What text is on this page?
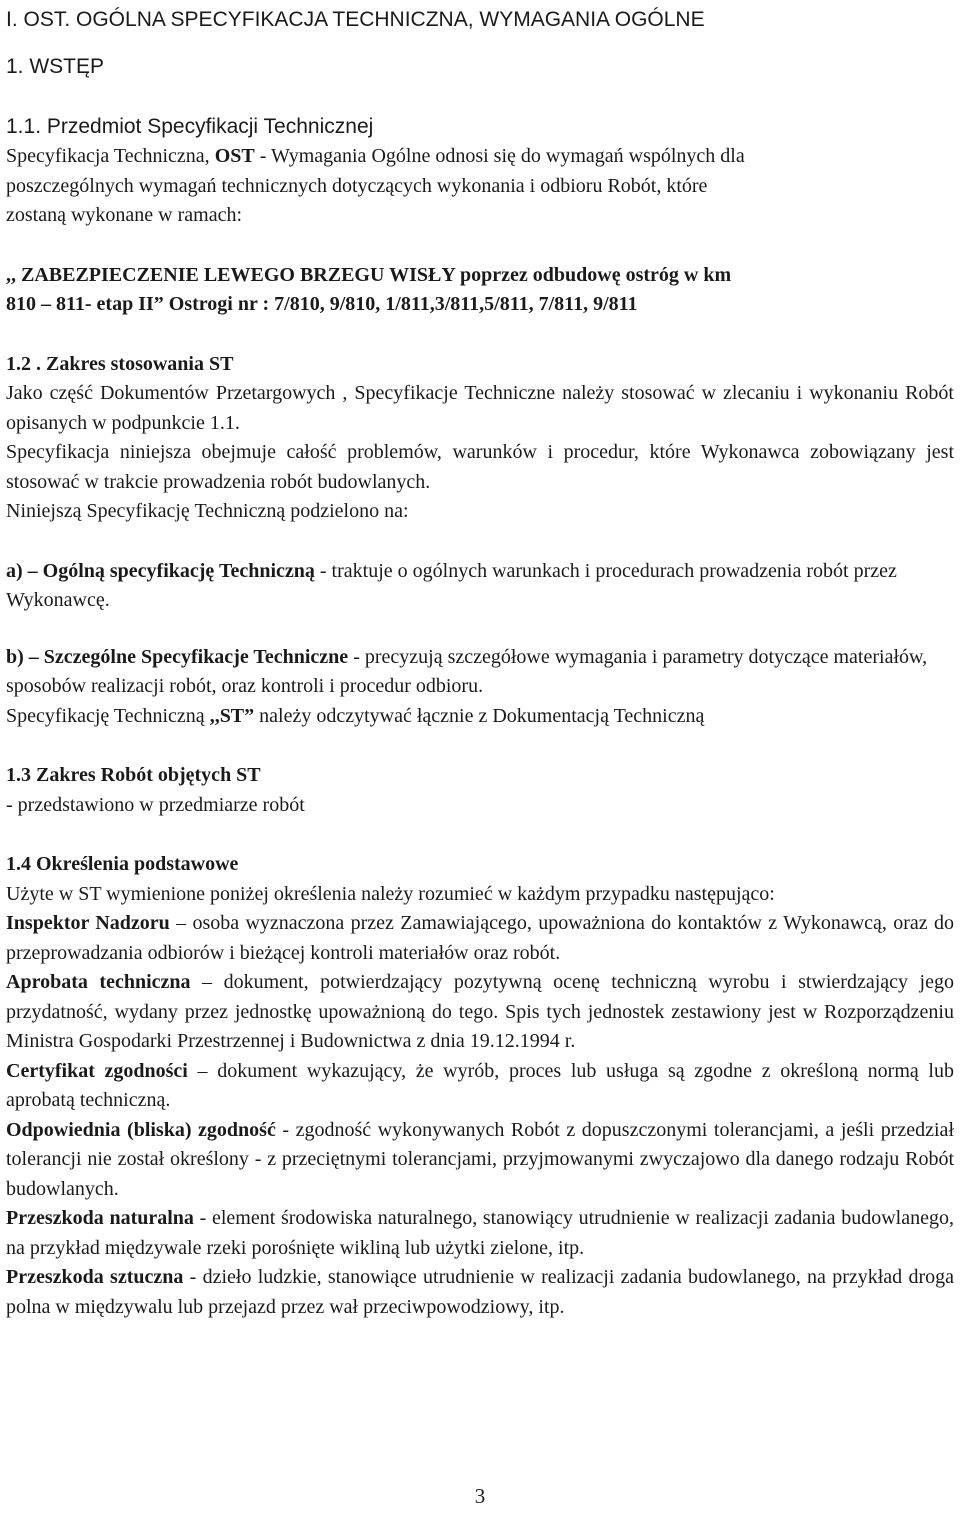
I. OST. OGÓLNA SPECYFIKACJA TECHNICZNA, WYMAGANIA OGÓLNE

1. WSTĘP

1.1. Przedmiot Specyfikacji Technicznej

Specyfikacja Techniczna, OST - Wymagania Ogólne odnosi się do wymagań wspólnych dla

poszczególnych wymagań technicznych dotyczących wykonania i odbioru Robót, które

zostaną wykonane w ramach:

,, ZABEZPIECZENIE LEWEGO BRZEGU WISŁY poprzez odbudowę ostróg w km

810 – 811- etap II” Ostrogi nr : 7/810, 9/810, 1/811,3/811,5/811, 7/811, 9/811

1.2 . Zakres stosowania ST

Jako część Dokumentów Przetargowych , Specyfikacje Techniczne należy stosować w zlecaniu i wykonaniu Robót opisanych w podpunkcie 1.1.

Specyfikacja niniejsza obejmuje całość problemów, warunków i procedur, które Wykonawca zobowiązany jest stosować w trakcie prowadzenia robót budowlanych.

Niniejszą Specyfikację Techniczną podzielono na:

a) – Ogólną specyfikację Techniczną - traktuje o ogólnych warunkach i procedurach prowadzenia robót przez Wykonawcę.

b) – Szczególne Specyfikacje Techniczne - precyzują szczegółowe wymagania i parametry dotyczące materiałów, sposobów realizacji robót, oraz kontroli i procedur odbioru.

Specyfikację Techniczną ,,ST” należy odczytywać łącznie z Dokumentacją Techniczną

1.3 Zakres Robót objętych ST

- przedstawiono w przedmiarze robót

1.4 Określenia podstawowe

Użyte w ST wymienione poniżej określenia należy rozumieć w każdym przypadku następująco:

Inspektor Nadzoru – osoba wyznaczona przez Zamawiającego, upoważniona do kontaktów z Wykonawcą, oraz do przeprowadzania odbiorów i bieżącej kontroli materiałów oraz robót.

Aprobata techniczna – dokument, potwierdzający pozytywną ocenę techniczną wyrobu i stwierdzający jego przydatność, wydany przez jednostkę upoważnioną do tego. Spis tych jednostek zestawiony jest w Rozporządzeniu Ministra Gospodarki Przestrzennej i Budownictwa z dnia 19.12.1994 r.

Certyfikat zgodności – dokument wykazujący, że wyrób, proces lub usługa są zgodne z określoną normą lub aprobatą techniczną.

Odpowiednia (bliska) zgodność - zgodność wykonywanych Robót z dopuszczonymi tolerancjami, a jeśli przedział tolerancji nie został określony - z przeciętnymi tolerancjami, przyjmowanymi zwyczajowo dla danego rodzaju Robót budowlanych.

Przeszkoda naturalna - element środowiska naturalnego, stanowiący utrudnienie w realizacji zadania budowlanego, na przykład międzywale rzeki porośnięte wikliną lub użytki zielone, itp.

Przeszkoda sztuczna - dzieło ludzkie, stanowiące utrudnienie w realizacji zadania budowlanego, na przykład droga polna w międzywalu lub przejazd przez wał przeciwpowodziowy, itp.

3
